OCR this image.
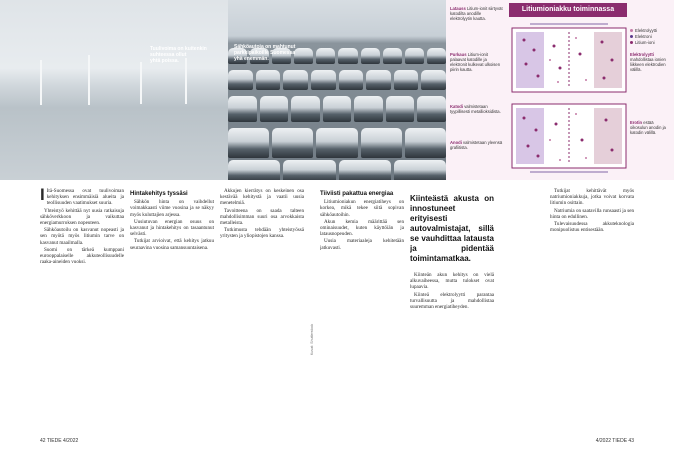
Tuulivoima on kuitenkin
suhteessa ollut
yhtä poissa.
Sähköautoja on mahtunut
parkkipaikoille Suomessa
yhä enemmän.
Litiumioniakku toiminnassa
Latauss Litium-ionit siirtyvät katodilta anodille elektrolyytin kautta.
Purkaus Litium-ionit palaavat katodille ja elektronit kulkevat ulkoisen piirin kautta.
Katodi valmistetaan tyypillisesti metallioksidista.
Anodi valmistetaan yleensä grafiitista.
Elektrolyytti
Elektroni
Litium-ioni
Elektrolyytti mahdollistaa ionien liikkeen elektrodien välillä.
Erotin estää oikosulun anodin ja katodin välillä.

I Itä-Suomessa ovat tuulivoiman kehityksen ensimmäisiä alueita ja teollisuuden vaatimukset suuria.

Yhteistyö kehittää nyt uusia ratkaisuja sähköverkkoon ja vaikuttaa energiamurroksen nopeuteen.

Sähköautoilu on kasvanut nopeasti ja sen myötä myös litiumin tarve on kasvanut maailmalla.

Suomi on tärkeä kumppani eurooppalaiselle akkuteollisuudelle raaka-aineiden vuoksi.

Hintakehitys tyssäsi

Sähkön hinta on vaihdellut voimakkaasti viime vuosina ja se näkyy myös kuluttajien arjessa.

Uusiutuvan energian osuus on kasvanut ja hintakehitys on tasaantunut selvästi.

Tutkijat arvioivat, että kehitys jatkuu seuraavina vuosina samansuuntaisena.

Akkujen kierrätys on keskeinen osa kestävää kehitystä ja vaatii uusia menetelmiä.

Tavoitteena on saada talteen mahdollisimman suuri osa arvokkaista metalleista.

Tutkimusta tehdään yhteistyössä yritysten ja yliopistojen kanssa.

Kuvat: Shutterstock
Tiiviisti pakattua energiaa

Litiumioniakun energiatiheys on korkea, mikä tekee siitä sopivan sähköautoihin.

Akun kemia määrittää sen ominaisuudet, kuten käyttöiän ja latausnopeuden.

Uusia materiaaleja kehitetään jatkuvasti.

Kiinteästä akusta on innostuneet erityisesti autovalmistajat, sillä se vauhdittaa latausta ja pidentää toimintamatkaa.

Kiinteän akun kehitys on vielä alkuvaiheessa, mutta tulokset ovat lupaavia.

Kiinteä elektrolyytti parantaa turvallisuutta ja mahdollistaa suuremman energiatiheyden.

Tutkijat kehittävät myös natriumioniakkuja, jotka voivat korvata litiumin osittain.

Natriumia on saatavilla runsaasti ja sen hinta on edullinen.

Tulevaisuudessa akkuteknologia monipuolistuu entisestään.

42 TIEDE 4/2022	4/2022 TIEDE 43
